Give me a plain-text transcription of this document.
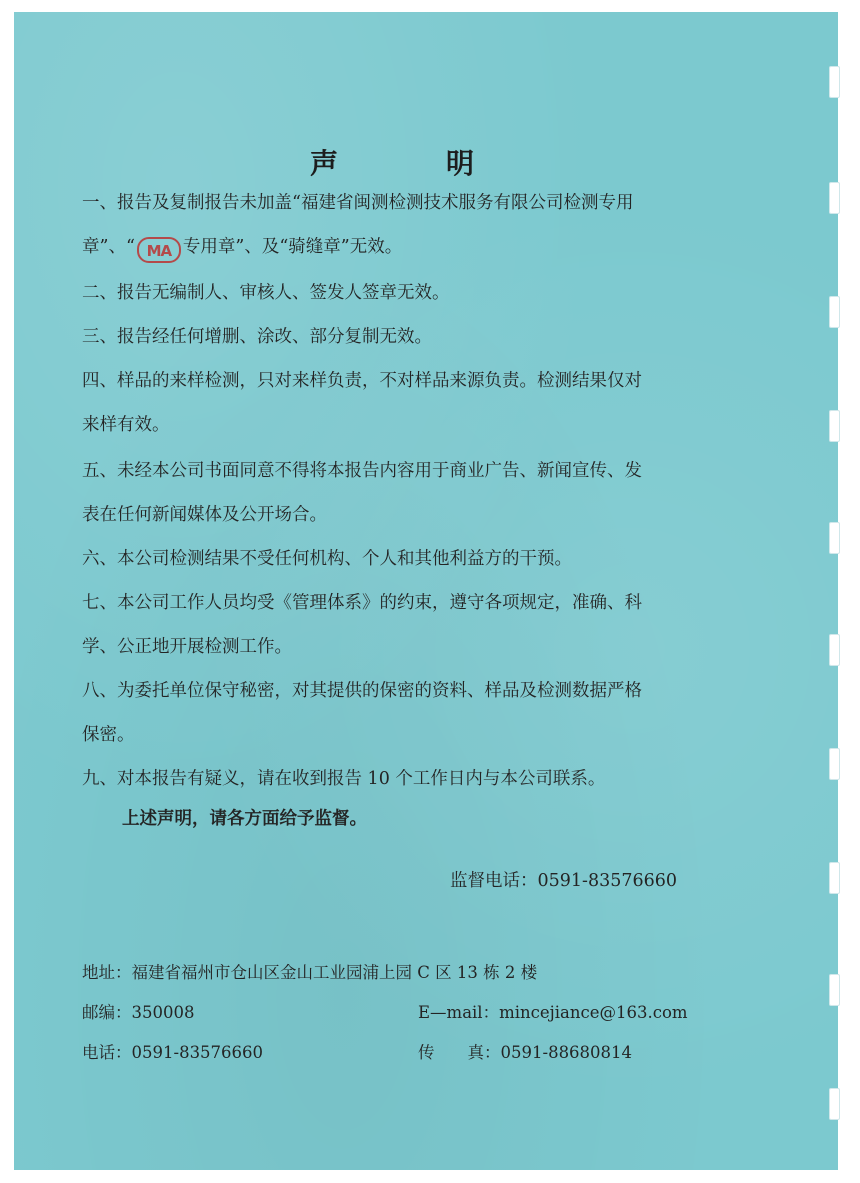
声　明
一、报告及复制报告未加盖“福建省闽测检测技术服务有限公司检测专用
章”、“ MA 专用章”、及“骑缝章”无效。
二、报告无编制人、审核人、签发人签章无效。
三、报告经任何增删、涂改、部分复制无效。
四、样品的来样检测，只对来样负责，不对样品来源负责。检测结果仅对
来样有效。
五、未经本公司书面同意不得将本报告内容用于商业广告、新闻宣传、发
表在任何新闻媒体及公开场合。
六、本公司检测结果不受任何机构、个人和其他利益方的干预。
七、本公司工作人员均受《管理体系》的约束，遵守各项规定，准确、科
学、公正地开展检测工作。
八、为委托单位保守秘密，对其提供的保密的资料、样品及检测数据严格
保密。
九、对本报告有疑义，请在收到报告 10 个工作日内与本公司联系。
上述声明，请各方面给予监督。
监督电话：0591-83576660
地址：福建省福州市仓山区金山工业园浦上园 C 区 13 栋 2 楼
邮编：350008	E—mail：mincejiance@163.com
电话：0591-83576660	传　　真：0591-88680814
